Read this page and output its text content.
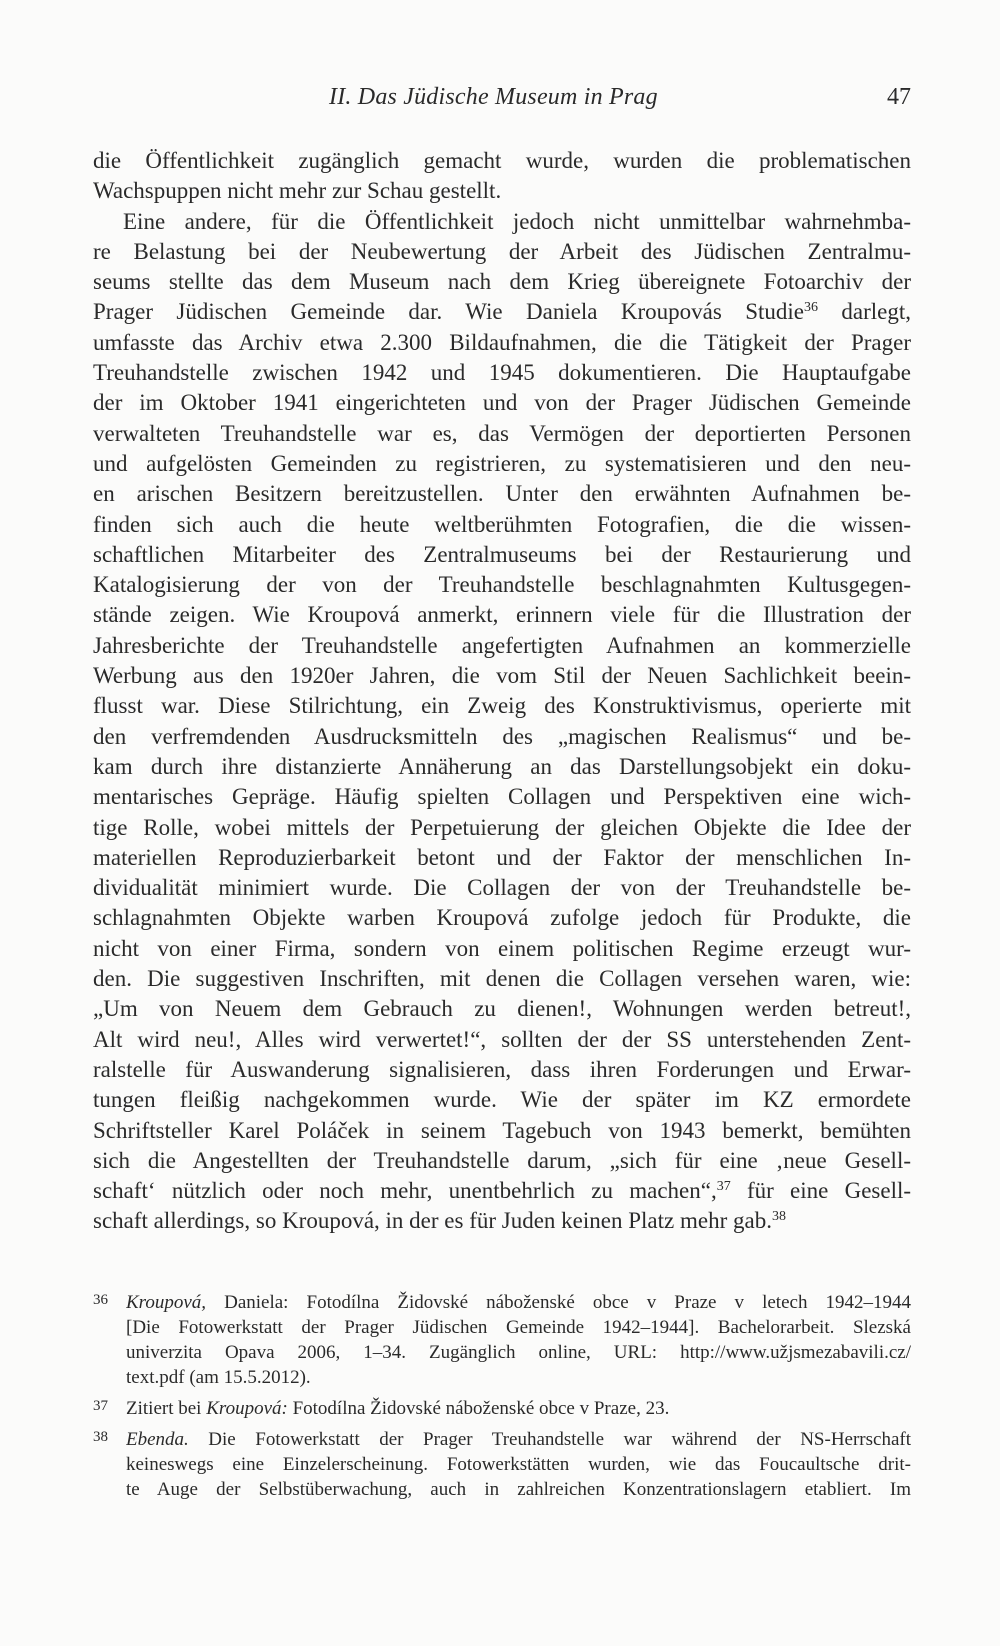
II. Das Jüdische Museum in Prag	47
die Öffentlichkeit zugänglich gemacht wurde, wurden die problematischen
Wachspuppen nicht mehr zur Schau gestellt.
Eine andere, für die Öffentlichkeit jedoch nicht unmittelbar wahrnehmba-
re Belastung bei der Neubewertung der Arbeit des Jüdischen Zentralmu-
seums stellte das dem Museum nach dem Krieg übereignete Fotoarchiv der
Prager Jüdischen Gemeinde dar. Wie Daniela Kroupovás Studie$^{36}$ darlegt,
umfasste das Archiv etwa 2.300 Bildaufnahmen, die die Tätigkeit der Prager
Treuhandstelle zwischen 1942 und 1945 dokumentieren. Die Hauptaufgabe
der im Oktober 1941 eingerichteten und von der Prager Jüdischen Gemeinde
verwalteten Treuhandstelle war es, das Vermögen der deportierten Personen
und aufgelösten Gemeinden zu registrieren, zu systematisieren und den neu-
en arischen Besitzern bereitzustellen. Unter den erwähnten Aufnahmen be-
finden sich auch die heute weltberühmten Fotografien, die die wissen-
schaftlichen Mitarbeiter des Zentralmuseums bei der Restaurierung und
Katalogisierung der von der Treuhandstelle beschlagnahmten Kultusgegen-
stände zeigen. Wie Kroupová anmerkt, erinnern viele für die Illustration der
Jahresberichte der Treuhandstelle angefertigten Aufnahmen an kommerzielle
Werbung aus den 1920er Jahren, die vom Stil der Neuen Sachlichkeit beein-
flusst war. Diese Stilrichtung, ein Zweig des Konstruktivismus, operierte mit
den verfremdenden Ausdrucksmitteln des „magischen Realismus“ und be-
kam durch ihre distanzierte Annäherung an das Darstellungsobjekt ein doku-
mentarisches Gepräge. Häufig spielten Collagen und Perspektiven eine wich-
tige Rolle, wobei mittels der Perpetuierung der gleichen Objekte die Idee der
materiellen Reproduzierbarkeit betont und der Faktor der menschlichen In-
dividualität minimiert wurde. Die Collagen der von der Treuhandstelle be-
schlagnahmten Objekte warben Kroupová zufolge jedoch für Produkte, die
nicht von einer Firma, sondern von einem politischen Regime erzeugt wur-
den. Die suggestiven Inschriften, mit denen die Collagen versehen waren, wie:
„Um von Neuem dem Gebrauch zu dienen!, Wohnungen werden betreut!,
Alt wird neu!, Alles wird verwertet!“, sollten der der SS unterstehenden Zent-
ralstelle für Auswanderung signalisieren, dass ihren Forderungen und Erwar-
tungen fleißig nachgekommen wurde. Wie der später im KZ ermordete
Schriftsteller Karel Poláček in seinem Tagebuch von 1943 bemerkt, bemühten
sich die Angestellten der Treuhandstelle darum, „sich für eine ‚neue Gesell-
schaft‘ nützlich oder noch mehr, unentbehrlich zu machen“,$^{37}$ für eine Gesell-
schaft allerdings, so Kroupová, in der es für Juden keinen Platz mehr gab.$^{38}$
36 Kroupová, Daniela: Fotodílna Židovské náboženské obce v Praze v letech 1942–1944
[Die Fotowerkstatt der Prager Jüdischen Gemeinde 1942–1944]. Bachelorarbeit. Slezská
univerzita Opava 2006, 1–34. Zugänglich online, URL: http://www.užjsmezabavili.cz/
text.pdf (am 15.5.2012).
37 Zitiert bei Kroupová: Fotodílna Židovské náboženské obce v Praze, 23.
38 Ebenda. Die Fotowerkstatt der Prager Treuhandstelle war während der NS-Herrschaft
keineswegs eine Einzelerscheinung. Fotowerkstätten wurden, wie das Foucaultsche drit-
te Auge der Selbstüberwachung, auch in zahlreichen Konzentrationslagern etabliert. Im
